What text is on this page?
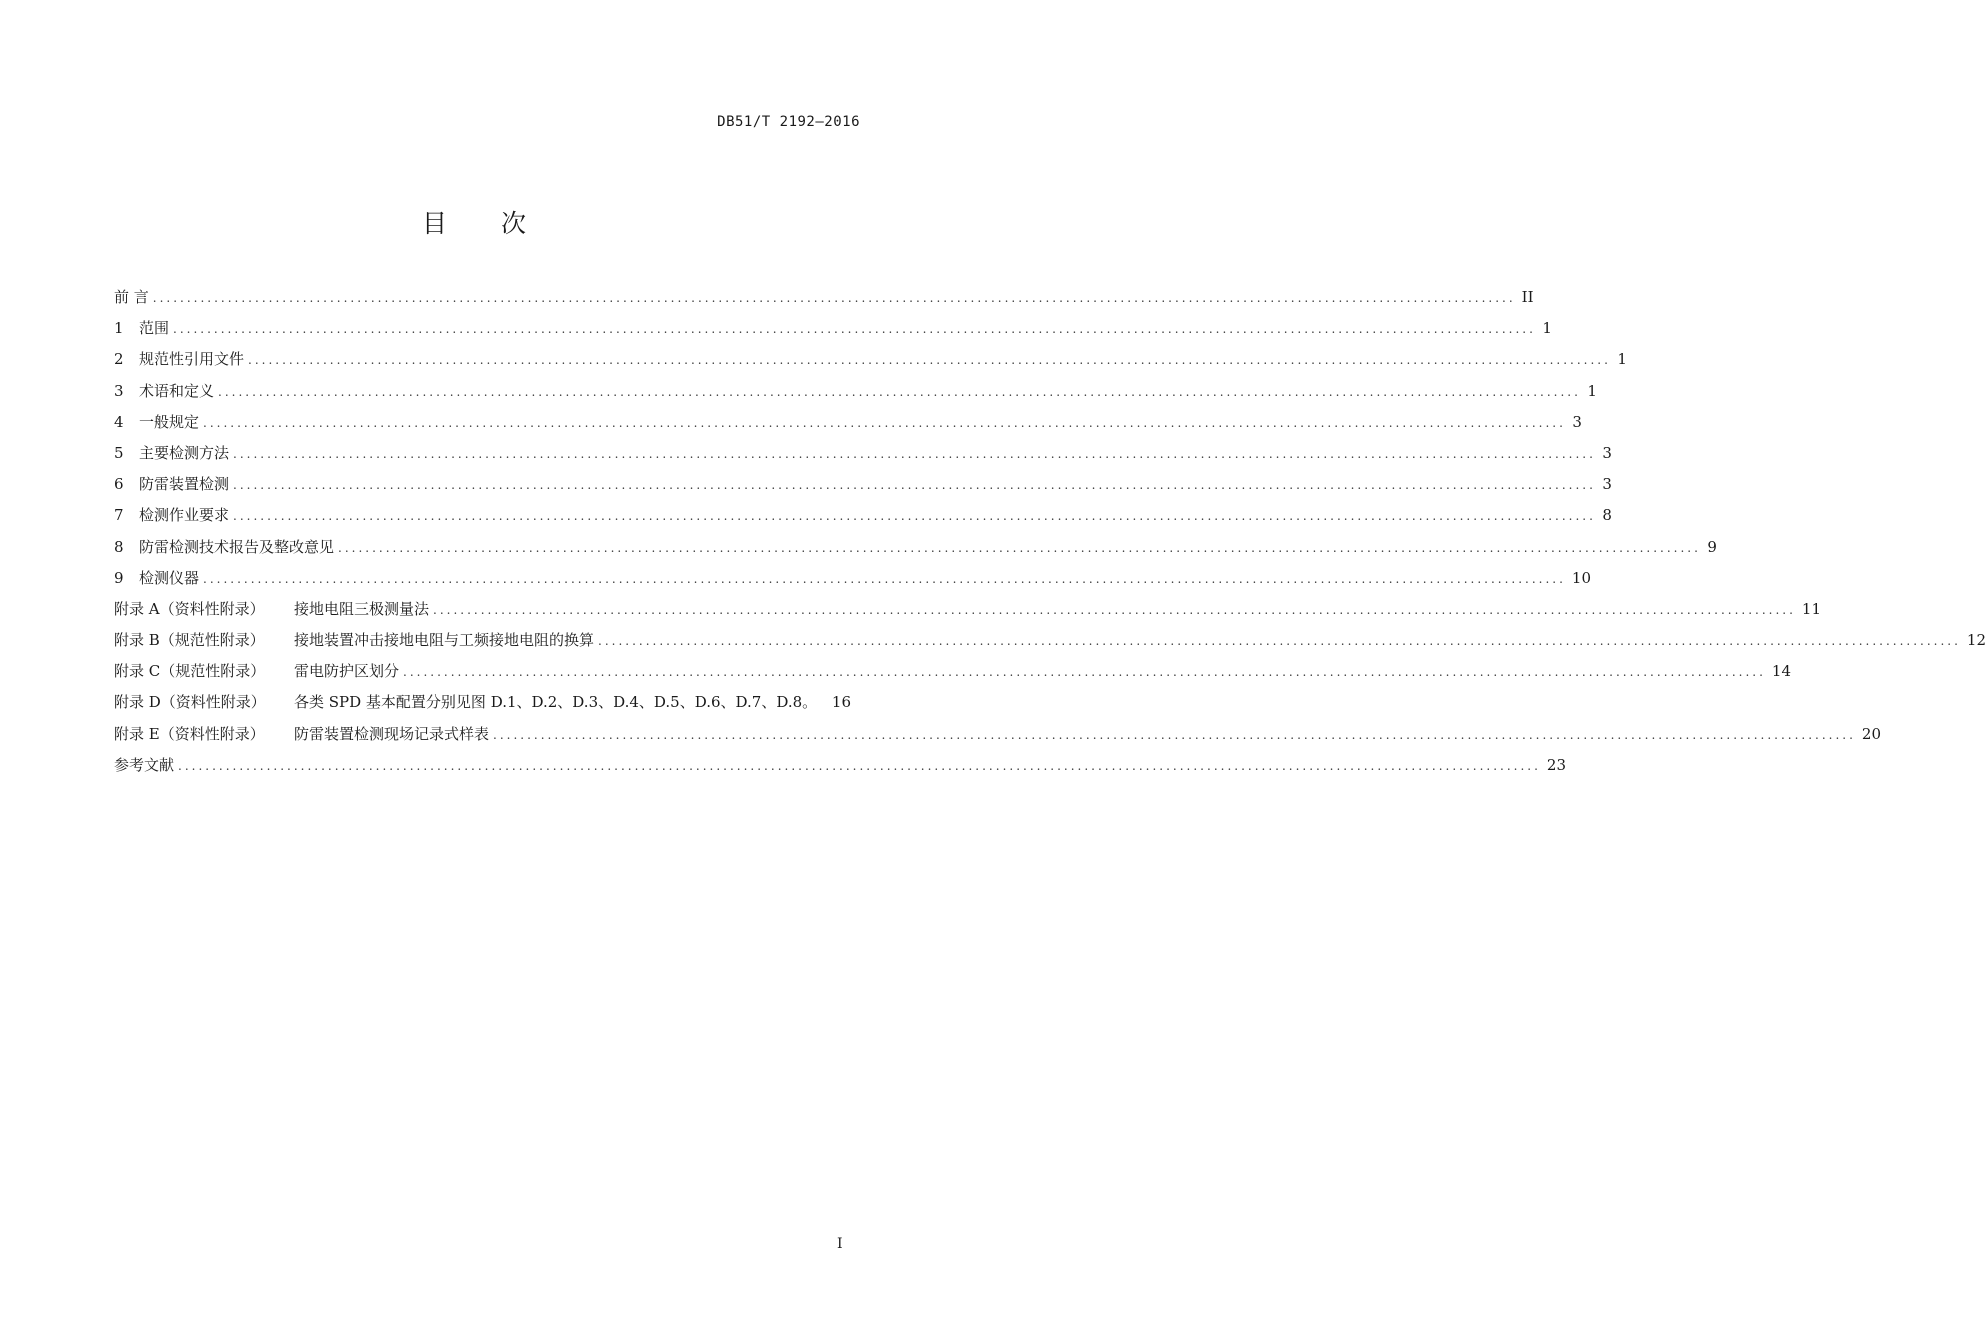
DB51/T 2192—2016
目 次
前 言 .....	II
1	范围 .....	1
2	规范性引用文件 .....	1
3	术语和定义 .....	1
4	一般规定 .....	3
5	主要检测方法 .....	3
6	防雷装置检测 .....	3
7	检测作业要求 .....	8
8	防雷检测技术报告及整改意见 .....	9
9	检测仪器 .....	10
附录 A（资料性附录）	接地电阻三极测量法 .....	11
附录 B（规范性附录）	接地装置冲击接地电阻与工频接地电阻的换算 .....	12
附录 C（规范性附录）	雷电防护区划分 .....	14
附录 D（资料性附录）	各类 SPD 基本配置分别见图 D.1、D.2、D.3、D.4、D.5、D.6、D.7、D.8。 16
附录 E（资料性附录）	防雷装置检测现场记录式样表 .....	20
参考文献 .....	23
I
